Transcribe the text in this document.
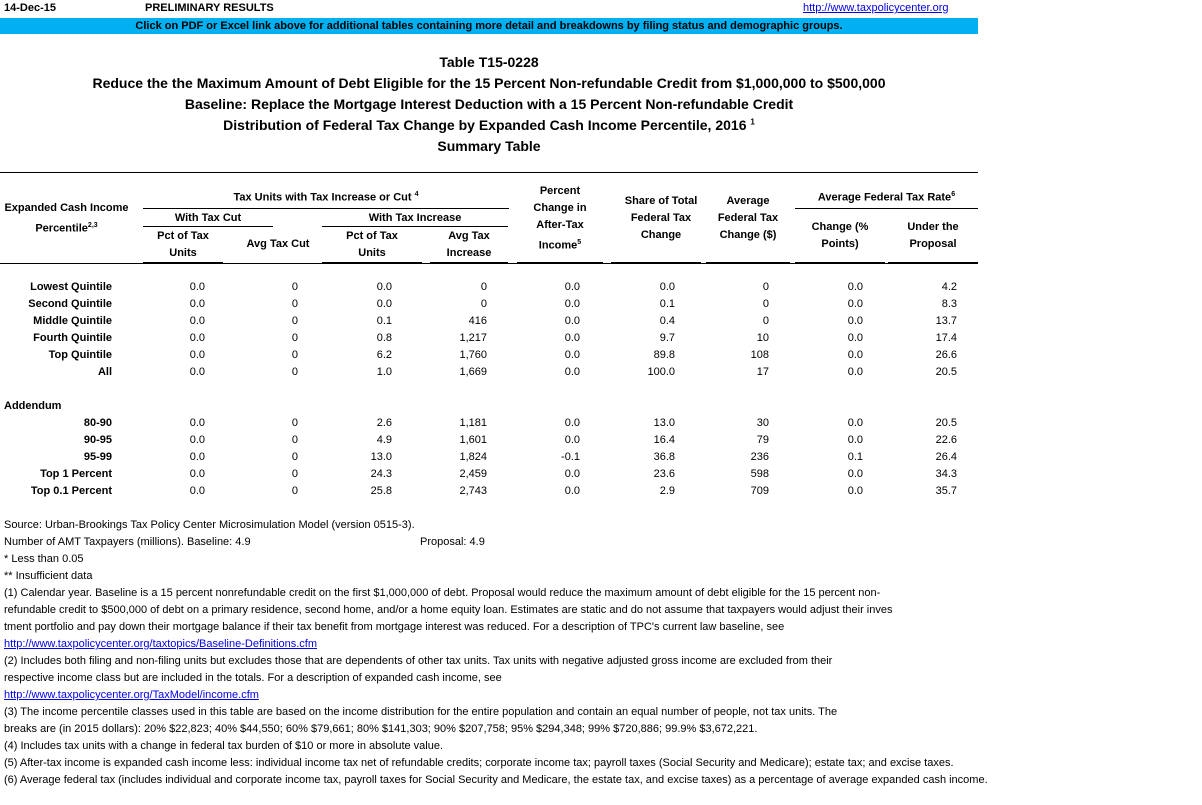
14-Dec-15	PRELIMINARY RESULTS	http://www.taxpolicycenter.org
Click on PDF or Excel link above for additional tables containing more detail and breakdowns by filing status and demographic groups.
Table T15-0228
Reduce the the Maximum Amount of Debt Eligible for the 15 Percent Non-refundable Credit from $1,000,000 to $500,000
Baseline: Replace the Mortgage Interest Deduction with a 15 Percent Non-refundable Credit
Distribution of Federal Tax Change by Expanded Cash Income Percentile, 2016 $^1$
Summary Table
Expanded Cash Income
Percentile$^{2,3}$
Tax Units with Tax Increase or Cut $^4$
With Tax Cut	With Tax Increase
Pct of Tax
Units
Avg Tax Cut
Pct of Tax
Units
Avg Tax
Increase
Percent
Change in
After-Tax
Income$^5$
Share of Total
Federal Tax
Change
Average
Federal Tax
Change ($)
Average Federal Tax Rate$^6$
Change (%
Points)
Under the
Proposal
Lowest Quintile	0.0	0	0.0	0	0.0	0.0	0	0.0	4.2
Second Quintile	0.0	0	0.0	0	0.0	0.1	0	0.0	8.3
Middle Quintile	0.0	0	0.1	416	0.0	0.4	0	0.0	13.7
Fourth Quintile	0.0	0	0.8	1,217	0.0	9.7	10	0.0	17.4
Top Quintile	0.0	0	6.2	1,760	0.0	89.8	108	0.0	26.6
All	0.0	0	1.0	1,669	0.0	100.0	17	0.0	20.5
Addendum
80-90	0.0	0	2.6	1,181	0.0	13.0	30	0.0	20.5
90-95	0.0	0	4.9	1,601	0.0	16.4	79	0.0	22.6
95-99	0.0	0	13.0	1,824	-0.1	36.8	236	0.1	26.4
Top 1 Percent	0.0	0	24.3	2,459	0.0	23.6	598	0.0	34.3
Top 0.1 Percent	0.0	0	25.8	2,743	0.0	2.9	709	0.0	35.7
Source: Urban-Brookings Tax Policy Center Microsimulation Model (version 0515-3).
Number of AMT Taxpayers (millions). Baseline: 4.9	Proposal: 4.9
* Less than 0.05
** Insufficient data
(1) Calendar year. Baseline is a 15 percent nonrefundable credit on the first $1,000,000 of debt. Proposal would reduce the maximum amount of debt eligible for the 15 percent non-
refundable credit to $500,000 of debt on a primary residence, second home, and/or a home equity loan. Estimates are static and do not assume that taxpayers would adjust their inves
tment portfolio and pay down their mortgage balance if their tax benefit from mortgage interest was reduced. For a description of TPC's current law baseline, see
http://www.taxpolicycenter.org/taxtopics/Baseline-Definitions.cfm
(2) Includes both filing and non-filing units but excludes those that are dependents of other tax units. Tax units with negative adjusted gross income are excluded from their
respective income class but are included in the totals. For a description of expanded cash income, see
http://www.taxpolicycenter.org/TaxModel/income.cfm
(3) The income percentile classes used in this table are based on the income distribution for the entire population and contain an equal number of people, not tax units. The
breaks are (in 2015 dollars): 20% $22,823; 40% $44,550; 60% $79,661; 80% $141,303; 90% $207,758; 95% $294,348; 99% $720,886; 99.9% $3,672,221.
(4) Includes tax units with a change in federal tax burden of $10 or more in absolute value.
(5) After-tax income is expanded cash income less: individual income tax net of refundable credits; corporate income tax; payroll taxes (Social Security and Medicare); estate tax; and excise taxes.
(6) Average federal tax (includes individual and corporate income tax, payroll taxes for Social Security and Medicare, the estate tax, and excise taxes) as a percentage of average expanded cash income.
